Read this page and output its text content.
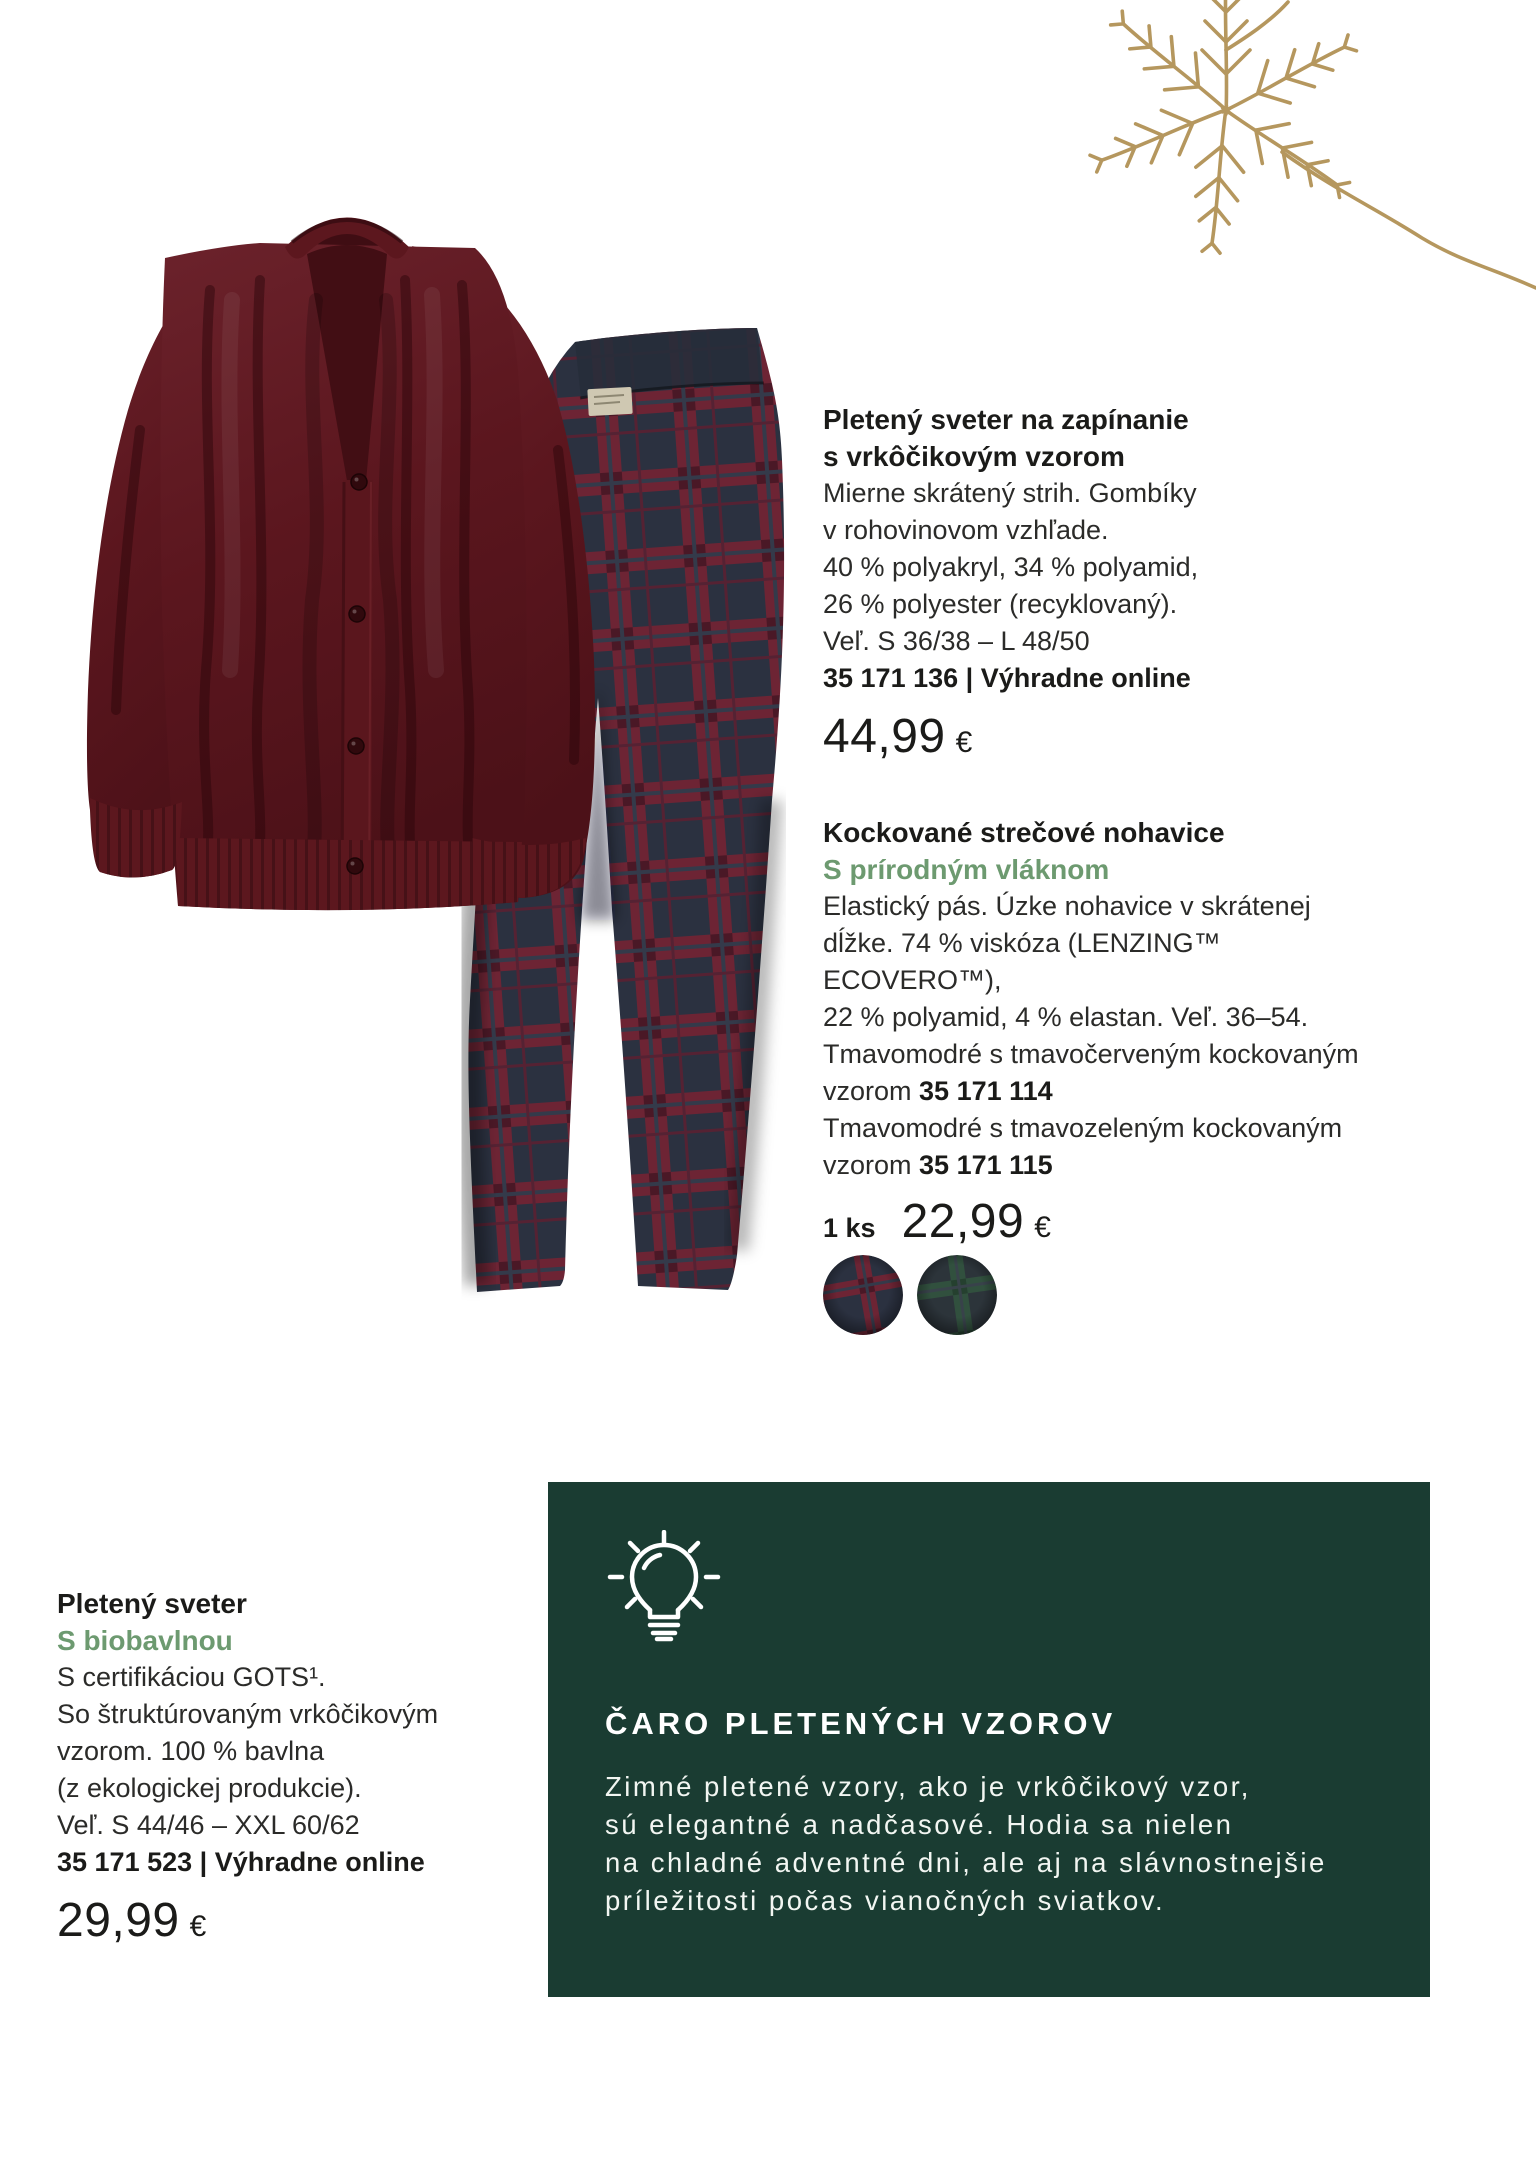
Pletený sveter na zapínanie
s vrkôčikovým vzorom
Mierne skrátený strih. Gombíky
v rohovinovom vzhľade.
40 % polyakryl, 34 % polyamid,
26 % polyester (recyklovaný).
Veľ. S 36/38 – L 48/50
35 171 136 | Výhradne online
44,99 €
Kockované strečové nohavice
S prírodným vláknom
Elastický pás. Úzke nohavice v skrátenej
dĺžke. 74 % viskóza (LENZING™ ECOVERO™),
22 % polyamid, 4 % elastan. Veľ. 36–54.
Tmavomodré s tmavočerveným kockovaným
vzorom 35 171 114
Tmavomodré s tmavozeleným kockovaným
vzorom 35 171 115
1 ks 22,99 €
Pletený sveter
S biobavlnou
S certifikáciou GOTS¹.
So štruktúrovaným vrkôčikovým
vzorom. 100 % bavlna
(z ekologickej produkcie).
Veľ. S 44/46 – XXL 60/62
35 171 523 | Výhradne online
29,99 €
ČARO PLETENÝCH VZOROV
Zimné pletené vzory, ako je vrkôčikový vzor,
sú elegantné a nadčasové. Hodia sa nielen
na chladné adventné dni, ale aj na slávnostnejšie
príležitosti počas vianočných sviatkov.
